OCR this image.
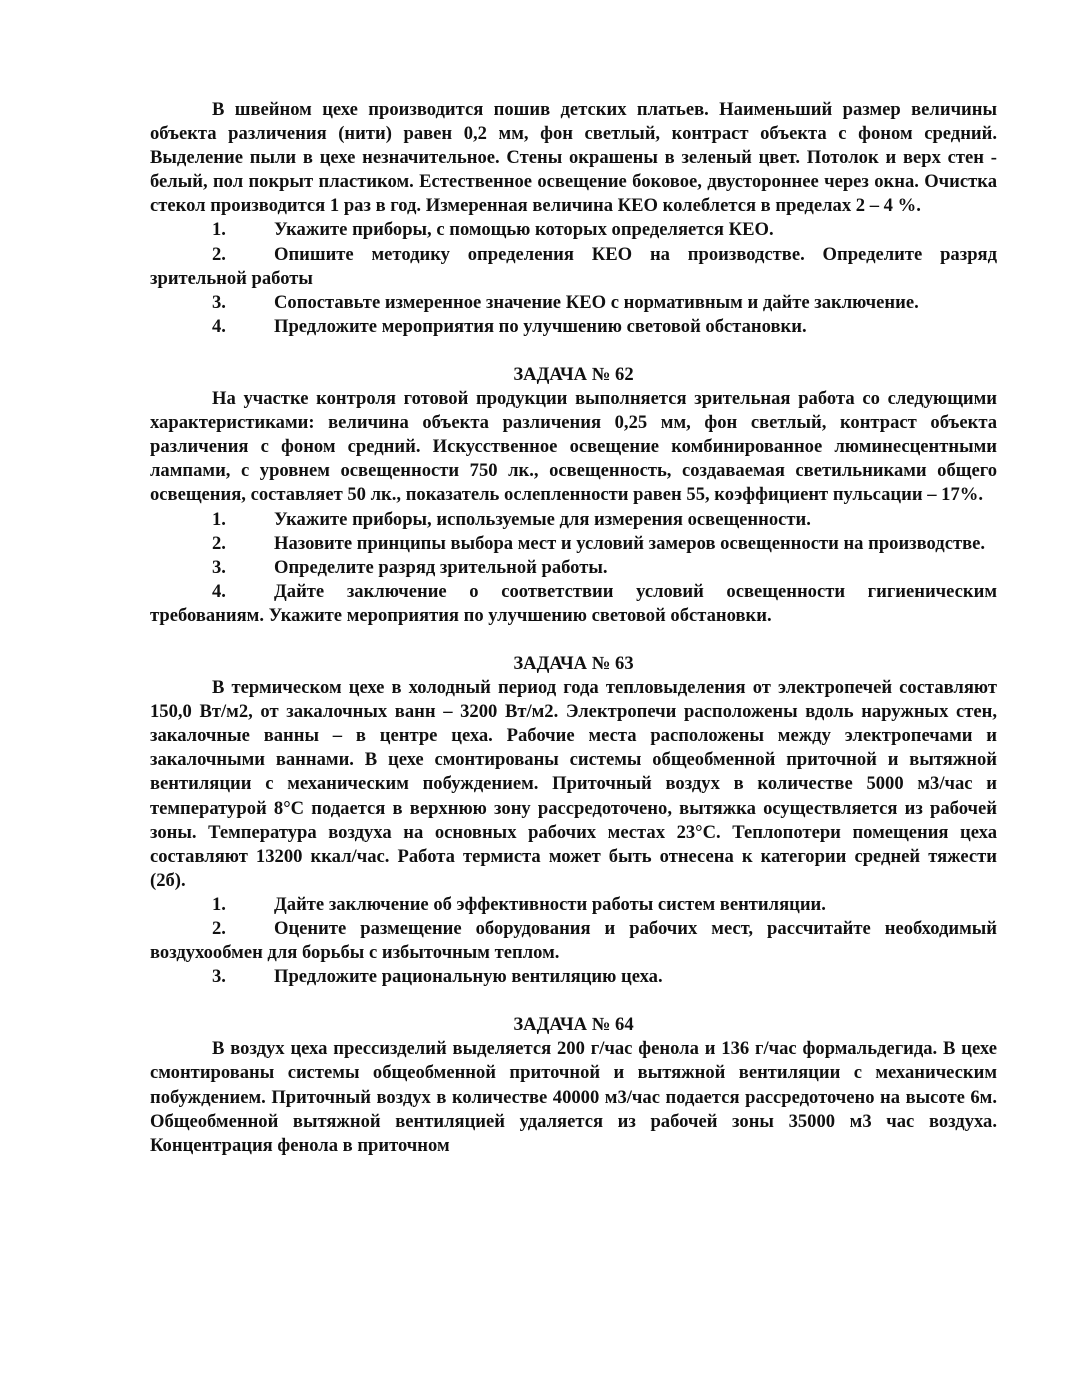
В швейном цехе производится пошив детских платьев. Наименьший размер величины объекта различения (нити) равен 0,2 мм, фон светлый, контраст объекта с фоном средний. Выделение пыли в цехе незначительное. Стены окрашены в зеленый цвет. Потолок и верх стен - белый, пол покрыт пластиком. Естественное освещение боковое, двустороннее через окна. Очистка стекол производится 1 раз в год. Измеренная величина КЕО колеблется в пределах 2 – 4 %.

1.	Укажите приборы, с помощью которых определяется КЕО.

2.	Опишите методику определения КЕО на производстве. Определите разряд зрительной работы

3.	Сопоставьте измеренное значение КЕО с нормативным и дайте заключение.

4.	Предложите мероприятия по улучшению световой обстановки.

ЗАДАЧА № 62

На участке контроля готовой продукции выполняется зрительная работа со следующими характеристиками: величина объекта различения 0,25 мм, фон светлый, контраст объекта различения с фоном средний. Искусственное освещение комбинированное люминесцентными лампами, с уровнем освещенности 750 лк., освещенность, создаваемая светильниками общего освещения, составляет 50 лк., показатель ослепленности равен 55, коэффициент пульсации – 17%.

1.	Укажите приборы, используемые для измерения освещенности.

2.	Назовите принципы выбора мест и условий замеров освещенности на производстве.

3.	Определите разряд зрительной работы.

4.	Дайте заключение о соответствии условий освещенности гигиеническим требованиям. Укажите мероприятия по улучшению световой обстановки.

ЗАДАЧА № 63

В термическом цехе в холодный период года тепловыделения от электропечей составляют 150,0 Вт/м2, от закалочных ванн – 3200 Вт/м2. Электропечи расположены вдоль наружных стен, закалочные ванны – в центре цеха. Рабочие места расположены между электропечами и закалочными ваннами. В цехе смонтированы системы общеобменной приточной и вытяжной вентиляции с механическим побуждением. Приточный воздух в количестве 5000 м3/час и температурой 8°С подается в верхнюю зону рассредоточено, вытяжка осуществляется из рабочей зоны. Температура воздуха на основных рабочих местах 23°С. Теплопотери помещения цеха составляют 13200 ккал/час. Работа термиста может быть отнесена к категории средней тяжести (2б).

1.	Дайте заключение об эффективности работы систем вентиляции.

2.	Оцените размещение оборудования и рабочих мест, рассчитайте необходимый воздухообмен для борьбы с избыточным теплом.

3.	Предложите рациональную вентиляцию цеха.

ЗАДАЧА № 64

В воздух цеха прессизделий выделяется 200 г/час фенола и 136 г/час формальдегида. В цехе смонтированы системы общеобменной приточной и вытяжной вентиляции с механическим побуждением. Приточный воздух в количестве 40000 м3/час подается рассредоточено на высоте 6м. Общеобменной вытяжной вентиляцией удаляется из рабочей зоны 35000 м3 час воздуха. Концентрация фенола в приточном
